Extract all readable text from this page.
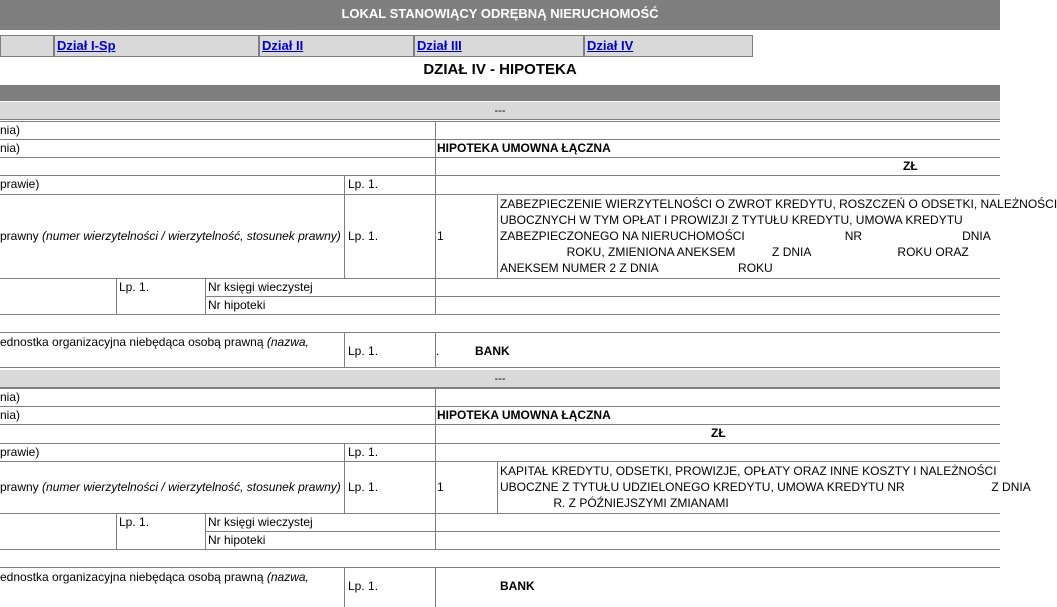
LOKAL STANOWIĄCY ODRĘBNĄ NIERUCHOMOŚĆ
Dział I-Sp	Dział II	Dział III	Dział IV
DZIAŁ IV - HIPOTEKA
---
nia)
nia)	HIPOTEKA UMOWNA ŁĄCZNA
ZŁ
prawie)	Lp. 1.
prawny (numer wierzytelności / wierzytelność, stosunek prawny) Lp. 1.	1
ZABEZPIECZENIE WIERZYTELNOŚCI O ZWROT KREDYTU, ROSZCZEŃ O ODSETKI, NALEŻNOŚCI
UBOCZNYCH W TYM OPŁAT I PROWIZJI Z TYTUŁU KREDYTU, UMOWA KREDYTU
ZABEZPIECZONEGO NA NIERUCHOMOŚCI                              NR                              DNIA
ROKU, ZMIENIONA ANEKSEM           Z DNIA                          ROKU ORAZ
ANEKSEM NUMER 2 Z DNIA                        ROKU
Lp. 1.	Nr księgi wieczystej
Nr hipoteki
ednostka organizacyjna niebędąca osobą prawną (nazwa,
Lp. 1.	.	BANK
---
nia)
nia)	HIPOTEKA UMOWNA ŁĄCZNA
ZŁ
prawie)	Lp. 1.
prawny (numer wierzytelności / wierzytelność, stosunek prawny) Lp. 1.	1
KAPITAŁ KREDYTU, ODSETKI, PROWIZJE, OPŁATY ORAZ INNE KOSZTY I NALEŻNOŚCI
UBOCZNE Z TYTUŁU UDZIELONEGO KREDYTU, UMOWA KREDYTU NR                          Z DNIA
R. Z PÓŹNIEJSZYMI ZMIANAMI
Lp. 1.	Nr księgi wieczystej
Nr hipoteki
ednostka organizacyjna niebędąca osobą prawną (nazwa,
Lp. 1.	BANK
